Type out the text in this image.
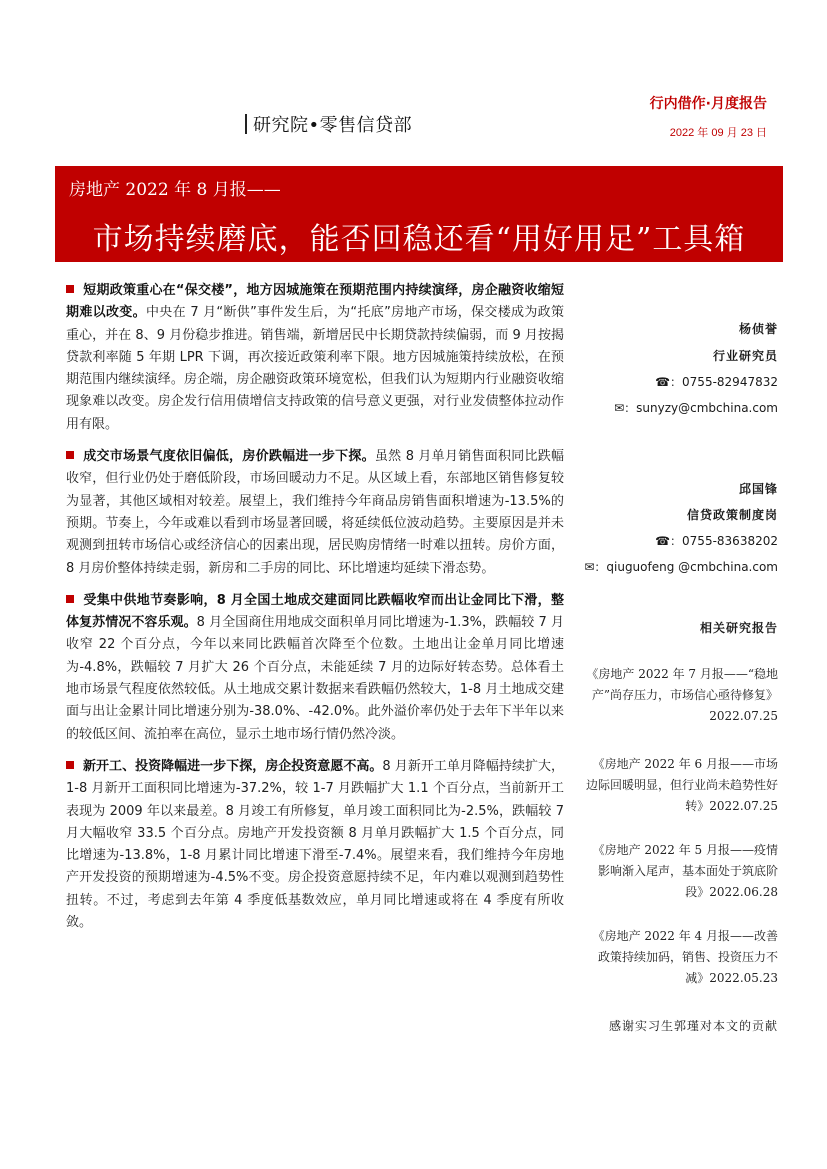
研究院•零售信贷部
行内借作·月度报告
2022 年 09 月 23 日
房地产 2022 年 8 月报——
市场持续磨底，能否回稳还看“用好用足”工具箱

短期政策重心在“保交楼”，地方因城施策在预期范围内持续演绎，房企融资收缩短期难以改变。中央在 7 月“断供”事件发生后，为“托底”房地产市场，保交楼成为政策重心，并在 8、9 月份稳步推进。销售端，新增居民中长期贷款持续偏弱，而 9 月按揭贷款利率随 5 年期 LPR 下调，再次接近政策利率下限。地方因城施策持续放松，在预期范围内继续演绎。房企端，房企融资政策环境宽松，但我们认为短期内行业融资收缩现象难以改变。房企发行信用债增信支持政策的信号意义更强，对行业发债整体拉动作用有限。

成交市场景气度依旧偏低，房价跌幅进一步下探。虽然 8 月单月销售面积同比跌幅收窄，但行业仍处于磨低阶段，市场回暖动力不足。从区域上看，东部地区销售修复较为显著，其他区域相对较差。展望上，我们维持今年商品房销售面积增速为-13.5%的预期。节奏上，今年或难以看到市场显著回暖，将延续低位波动趋势。主要原因是并未观测到扭转市场信心或经济信心的因素出现，居民购房情绪一时难以扭转。房价方面，8 月房价整体持续走弱，新房和二手房的同比、环比增速均延续下滑态势。

受集中供地节奏影响，8 月全国土地成交建面同比跌幅收窄而出让金同比下滑，整体复苏情况不容乐观。8 月全国商住用地成交面积单月同比增速为-1.3%，跌幅较 7 月收窄 22 个百分点，今年以来同比跌幅首次降至个位数。土地出让金单月同比增速为-4.8%，跌幅较 7 月扩大 26 个百分点，未能延续 7 月的边际好转态势。总体看土地市场景气程度依然较低。从土地成交累计数据来看跌幅仍然较大，1-8 月土地成交建面与出让金累计同比增速分别为-38.0%、-42.0%。此外溢价率仍处于去年下半年以来的较低区间、流拍率在高位，显示土地市场行情仍然冷淡。

新开工、投资降幅进一步下探，房企投资意愿不高。8 月新开工单月降幅持续扩大，1-8 月新开工面积同比增速为-37.2%，较 1-7 月跌幅扩大 1.1 个百分点，当前新开工表现为 2009 年以来最差。8 月竣工有所修复，单月竣工面积同比为-2.5%，跌幅较 7 月大幅收窄 33.5 个百分点。房地产开发投资额 8 月单月跌幅扩大 1.5 个百分点，同比增速为-13.8%，1-8 月累计同比增速下滑至-7.4%。展望来看，我们维持今年房地产开发投资的预期增速为-4.5%不变。房企投资意愿持续不足，年内难以观测到趋势性扭转。不过，考虑到去年第 4 季度低基数效应，单月同比增速或将在 4 季度有所收敛。

杨侦誉
行业研究员
☎：0755-82947832
✉：sunyzy@cmbchina.com
邱国锋
信贷政策制度岗
☎：0755-83638202
✉：qiuguofeng @cmbchina.com
相关研究报告
《房地产 2022 年 7 月报——“稳地产”尚存压力，市场信心亟待修复》2022.07.25
《房地产 2022 年 6 月报——市场边际回暖明显，但行业尚未趋势性好转》2022.07.25
《房地产 2022 年 5 月报——疫情影响渐入尾声，基本面处于筑底阶段》2022.06.28
《房地产 2022 年 4 月报——改善政策持续加码，销售、投资压力不减》2022.05.23
感谢实习生郭瑾对本文的贡献
